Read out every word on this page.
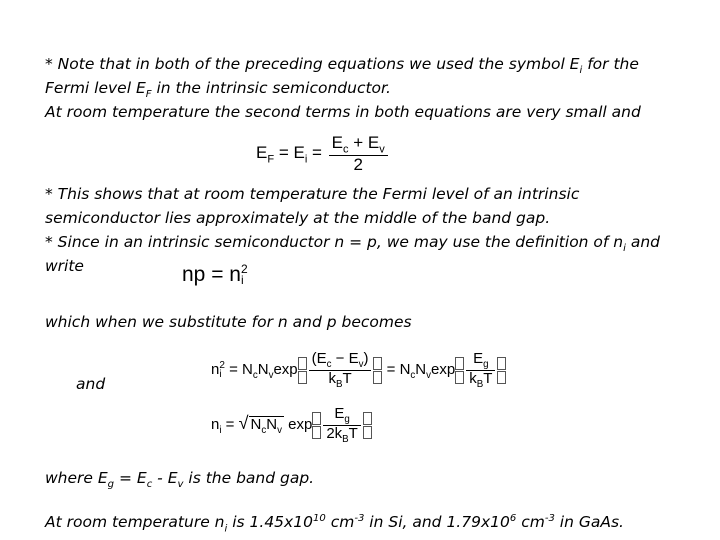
* Note that in both of the preceding equations we used the symbol $E_i$ for the
Fermi level $E_F$ in the intrinsic semiconductor.
At room temperature the second terms in both equations are very small and
$E_F = E_i = \frac{E_c + E_v}{2}$
* This shows that at room temperature the Fermi level of an intrinsic
semiconductor lies approximately at the middle of the band gap.
* Since in an intrinsic semiconductor n = p, we may use the definition of $n_i$ and
write	np = n 2
i
which when we substitute for n and p becomes
n 2
$i = N_cN_v\exp \frac{(E_c - E_v)}{k_BT} = N_cN_v\exp \frac{E_g}{k_BT}$
and
$n_i$ = √ $N_cN_v$ $\exp \frac{E_g}{2k_BT}$
where $E_g = E_c - E_v$ is the band gap.
At room temperature $n_i$ is $1.45x10^{10}$ $cm^{-3}$ in Si, and $1.79x10^6$ $cm^{-3}$ in GaAs.
